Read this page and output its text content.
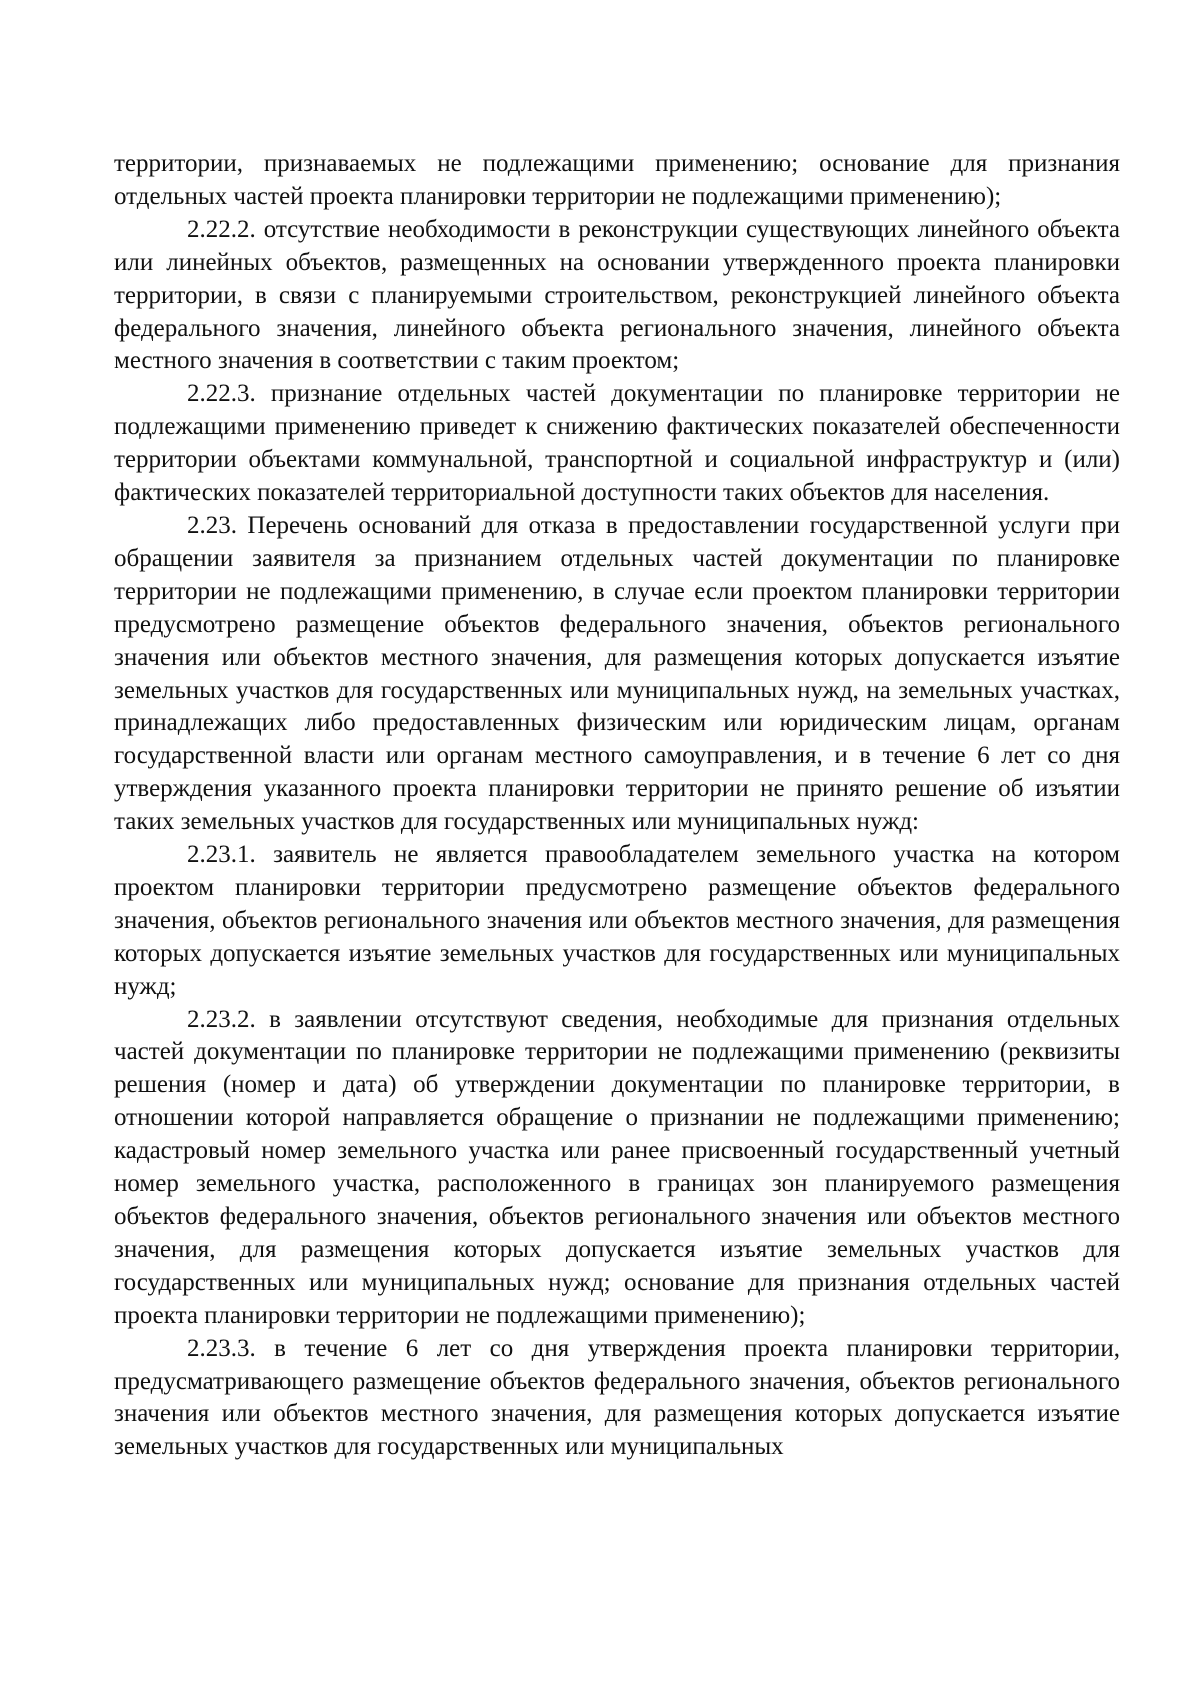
территории, признаваемых не подлежащими применению; основание для признания отдельных частей проекта планировки территории не подлежащими применению);

2.22.2. отсутствие необходимости в реконструкции существующих линейного объекта или линейных объектов, размещенных на основании утвержденного проекта планировки территории, в связи с планируемыми строительством, реконструкцией линейного объекта федерального значения, линейного объекта регионального значения, линейного объекта местного значения в соответствии с таким проектом;

2.22.3. признание отдельных частей документации по планировке территории не подлежащими применению приведет к снижению фактических показателей обеспеченности территории объектами коммунальной, транспортной и социальной инфраструктур и (или) фактических показателей территориальной доступности таких объектов для населения.

2.23. Перечень оснований для отказа в предоставлении государственной услуги при обращении заявителя за признанием отдельных частей документации по планировке территории не подлежащими применению, в случае если проектом планировки территории предусмотрено размещение объектов федерального значения, объектов регионального значения или объектов местного значения, для размещения которых допускается изъятие земельных участков для государственных или муниципальных нужд, на земельных участках, принадлежащих либо предоставленных физическим или юридическим лицам, органам государственной власти или органам местного самоуправления, и в течение 6 лет со дня утверждения указанного проекта планировки территории не принято решение об изъятии таких земельных участков для государственных или муниципальных нужд:

2.23.1. заявитель не является правообладателем земельного участка на котором проектом планировки территории предусмотрено размещение объектов федерального значения, объектов регионального значения или объектов местного значения, для размещения которых допускается изъятие земельных участков для государственных или муниципальных нужд;

2.23.2. в заявлении отсутствуют сведения, необходимые для признания отдельных частей документации по планировке территории не подлежащими применению (реквизиты решения (номер и дата) об утверждении документации по планировке территории, в отношении которой направляется обращение о признании не подлежащими применению; кадастровый номер земельного участка или ранее присвоенный государственный учетный номер земельного участка, расположенного в границах зон планируемого размещения объектов федерального значения, объектов регионального значения или объектов местного значения, для размещения которых допускается изъятие земельных участков для государственных или муниципальных нужд; основание для признания отдельных частей проекта планировки территории не подлежащими применению);

2.23.3. в течение 6 лет со дня утверждения проекта планировки территории, предусматривающего размещение объектов федерального значения, объектов регионального значения или объектов местного значения, для размещения которых допускается изъятие земельных участков для государственных или муниципальных
